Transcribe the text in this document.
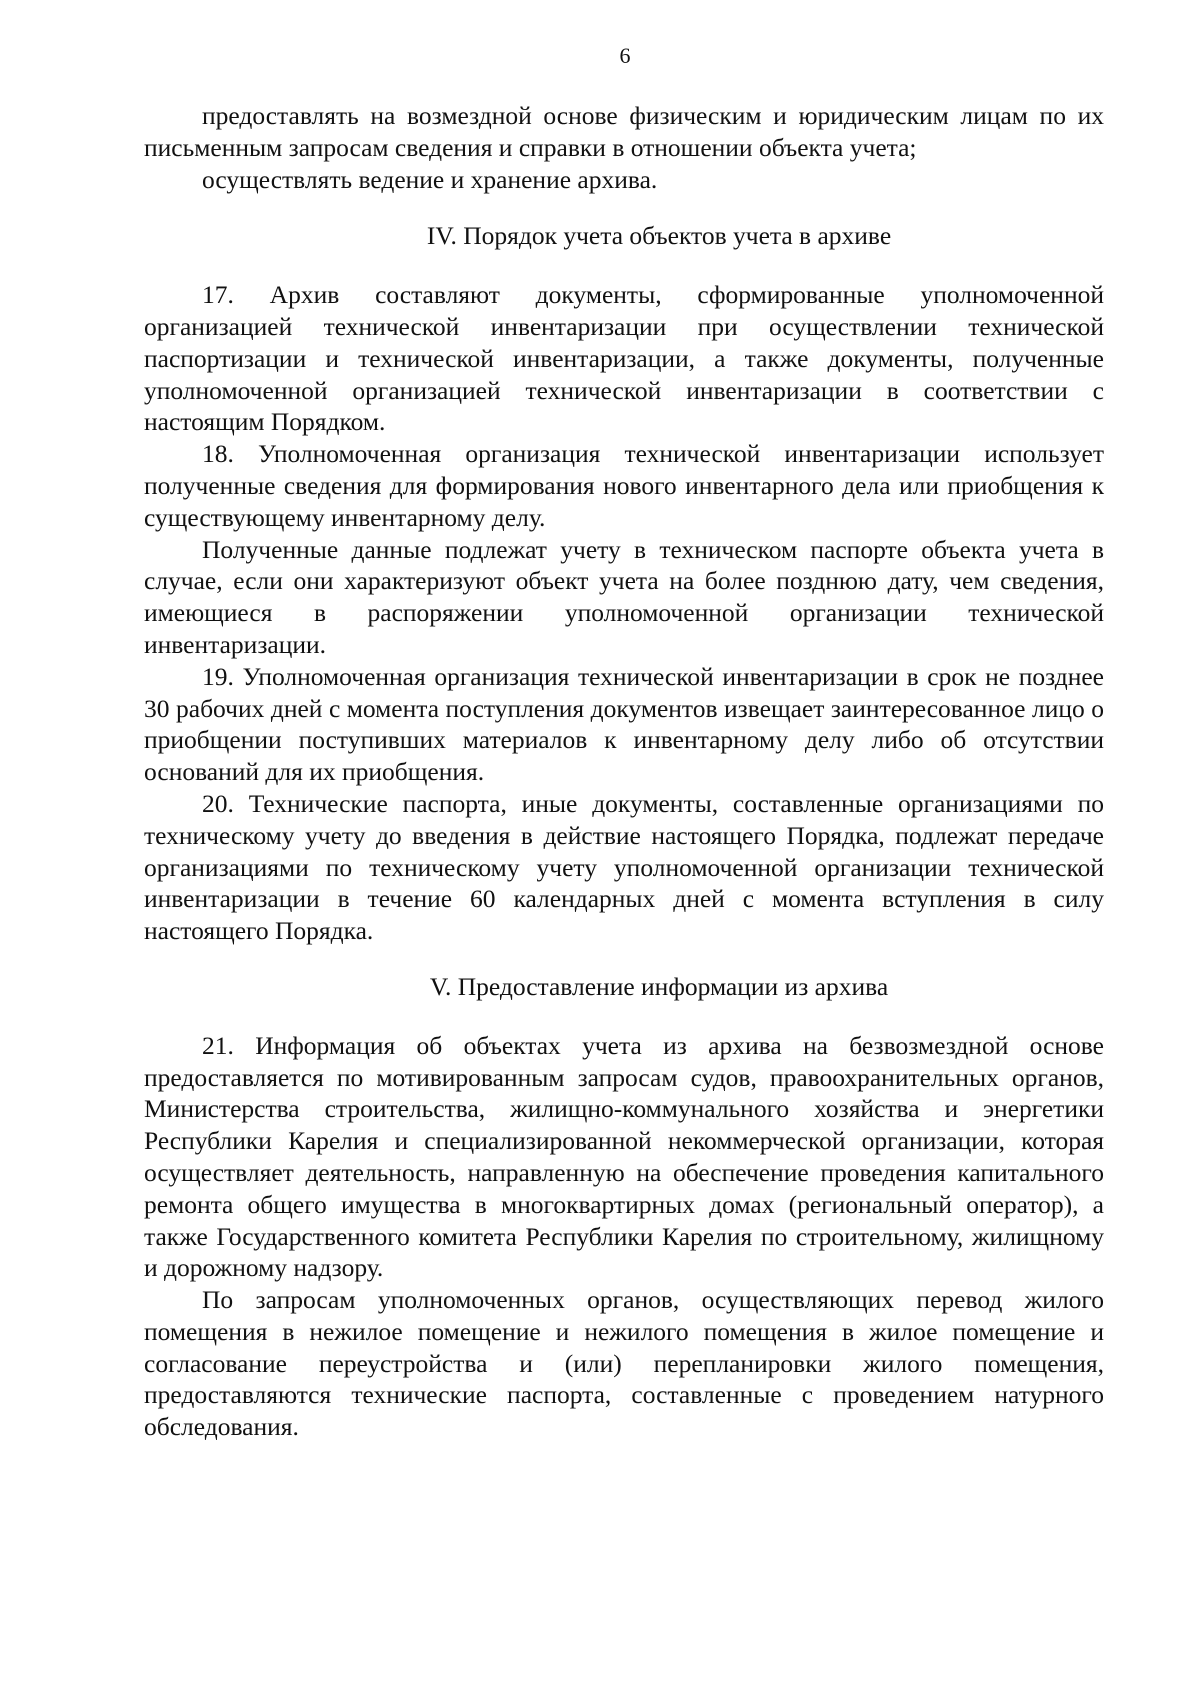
6

предоставлять на возмездной основе физическим и юридическим лицам по их письменным запросам сведения и справки в отношении объекта учета;

осуществлять ведение и хранение архива.

IV. Порядок учета объектов учета в архиве

17. Архив составляют документы, сформированные уполномоченной организацией технической инвентаризации при осуществлении технической паспортизации и технической инвентаризации, а также документы, полученные уполномоченной организацией технической инвентаризации в соответствии с настоящим Порядком.

18. Уполномоченная организация технической инвентаризации использует полученные сведения для формирования нового инвентарного дела или приобщения к существующему инвентарному делу.

Полученные данные подлежат учету в техническом паспорте объекта учета в случае, если они характеризуют объект учета на более позднюю дату, чем сведения, имеющиеся в распоряжении уполномоченной организации технической инвентаризации.

19. Уполномоченная организация технической инвентаризации в срок не позднее 30 рабочих дней с момента поступления документов извещает заинтересованное лицо о приобщении поступивших материалов к инвентарному делу либо об отсутствии оснований для их приобщения.

20. Технические паспорта, иные документы, составленные организациями по техническому учету до введения в действие настоящего Порядка, подлежат передаче организациями по техническому учету уполномоченной организации технической инвентаризации в течение 60 календарных дней с момента вступления в силу настоящего Порядка.

V. Предоставление информации из архива

21. Информация об объектах учета из архива на безвозмездной основе предоставляется по мотивированным запросам судов, правоохранительных органов, Министерства строительства, жилищно-коммунального хозяйства и энергетики Республики Карелия и специализированной некоммерческой организации, которая осуществляет деятельность, направленную на обеспечение проведения капитального ремонта общего имущества в многоквартирных домах (региональный оператор), а также Государственного комитета Республики Карелия по строительному, жилищному и дорожному надзору.

По запросам уполномоченных органов, осуществляющих перевод жилого помещения в нежилое помещение и нежилого помещения в жилое помещение и согласование переустройства и (или) перепланировки жилого помещения, предоставляются технические паспорта, составленные с проведением натурного обследования.
